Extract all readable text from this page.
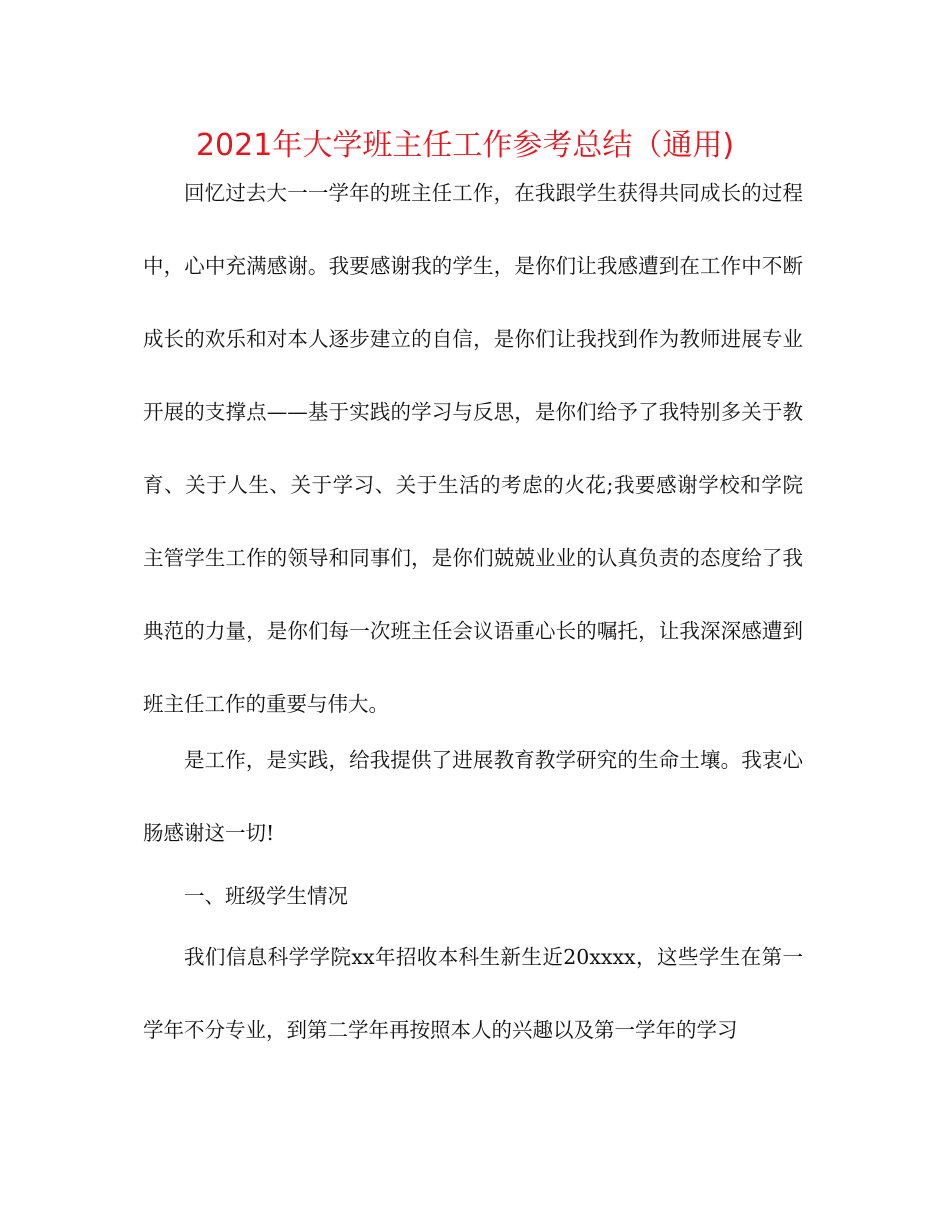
2021年大学班主任工作参考总结（通用)

回忆过去大一一学年的班主任工作，在我跟学生获得共同成长的过程中，心中充满感谢。我要感谢我的学生，是你们让我感遭到在工作中不断成长的欢乐和对本人逐步建立的自信，是你们让我找到作为教师进展专业开展的支撑点——基于实践的学习与反思，是你们给予了我特别多关于教育、关于人生、关于学习、关于生活的考虑的火花;我要感谢学校和学院主管学生工作的领导和同事们，是你们兢兢业业的认真负责的态度给了我典范的力量，是你们每一次班主任会议语重心长的嘱托，让我深深感遭到班主任工作的重要与伟大。

是工作，是实践，给我提供了进展教育教学研究的生命土壤。我衷心肠感谢这一切!

一、班级学生情况

我们信息科学学院xx年招收本科生新生近20xxxx，这些学生在第一学年不分专业，到第二学年再按照本人的兴趣以及第一学年的学习
